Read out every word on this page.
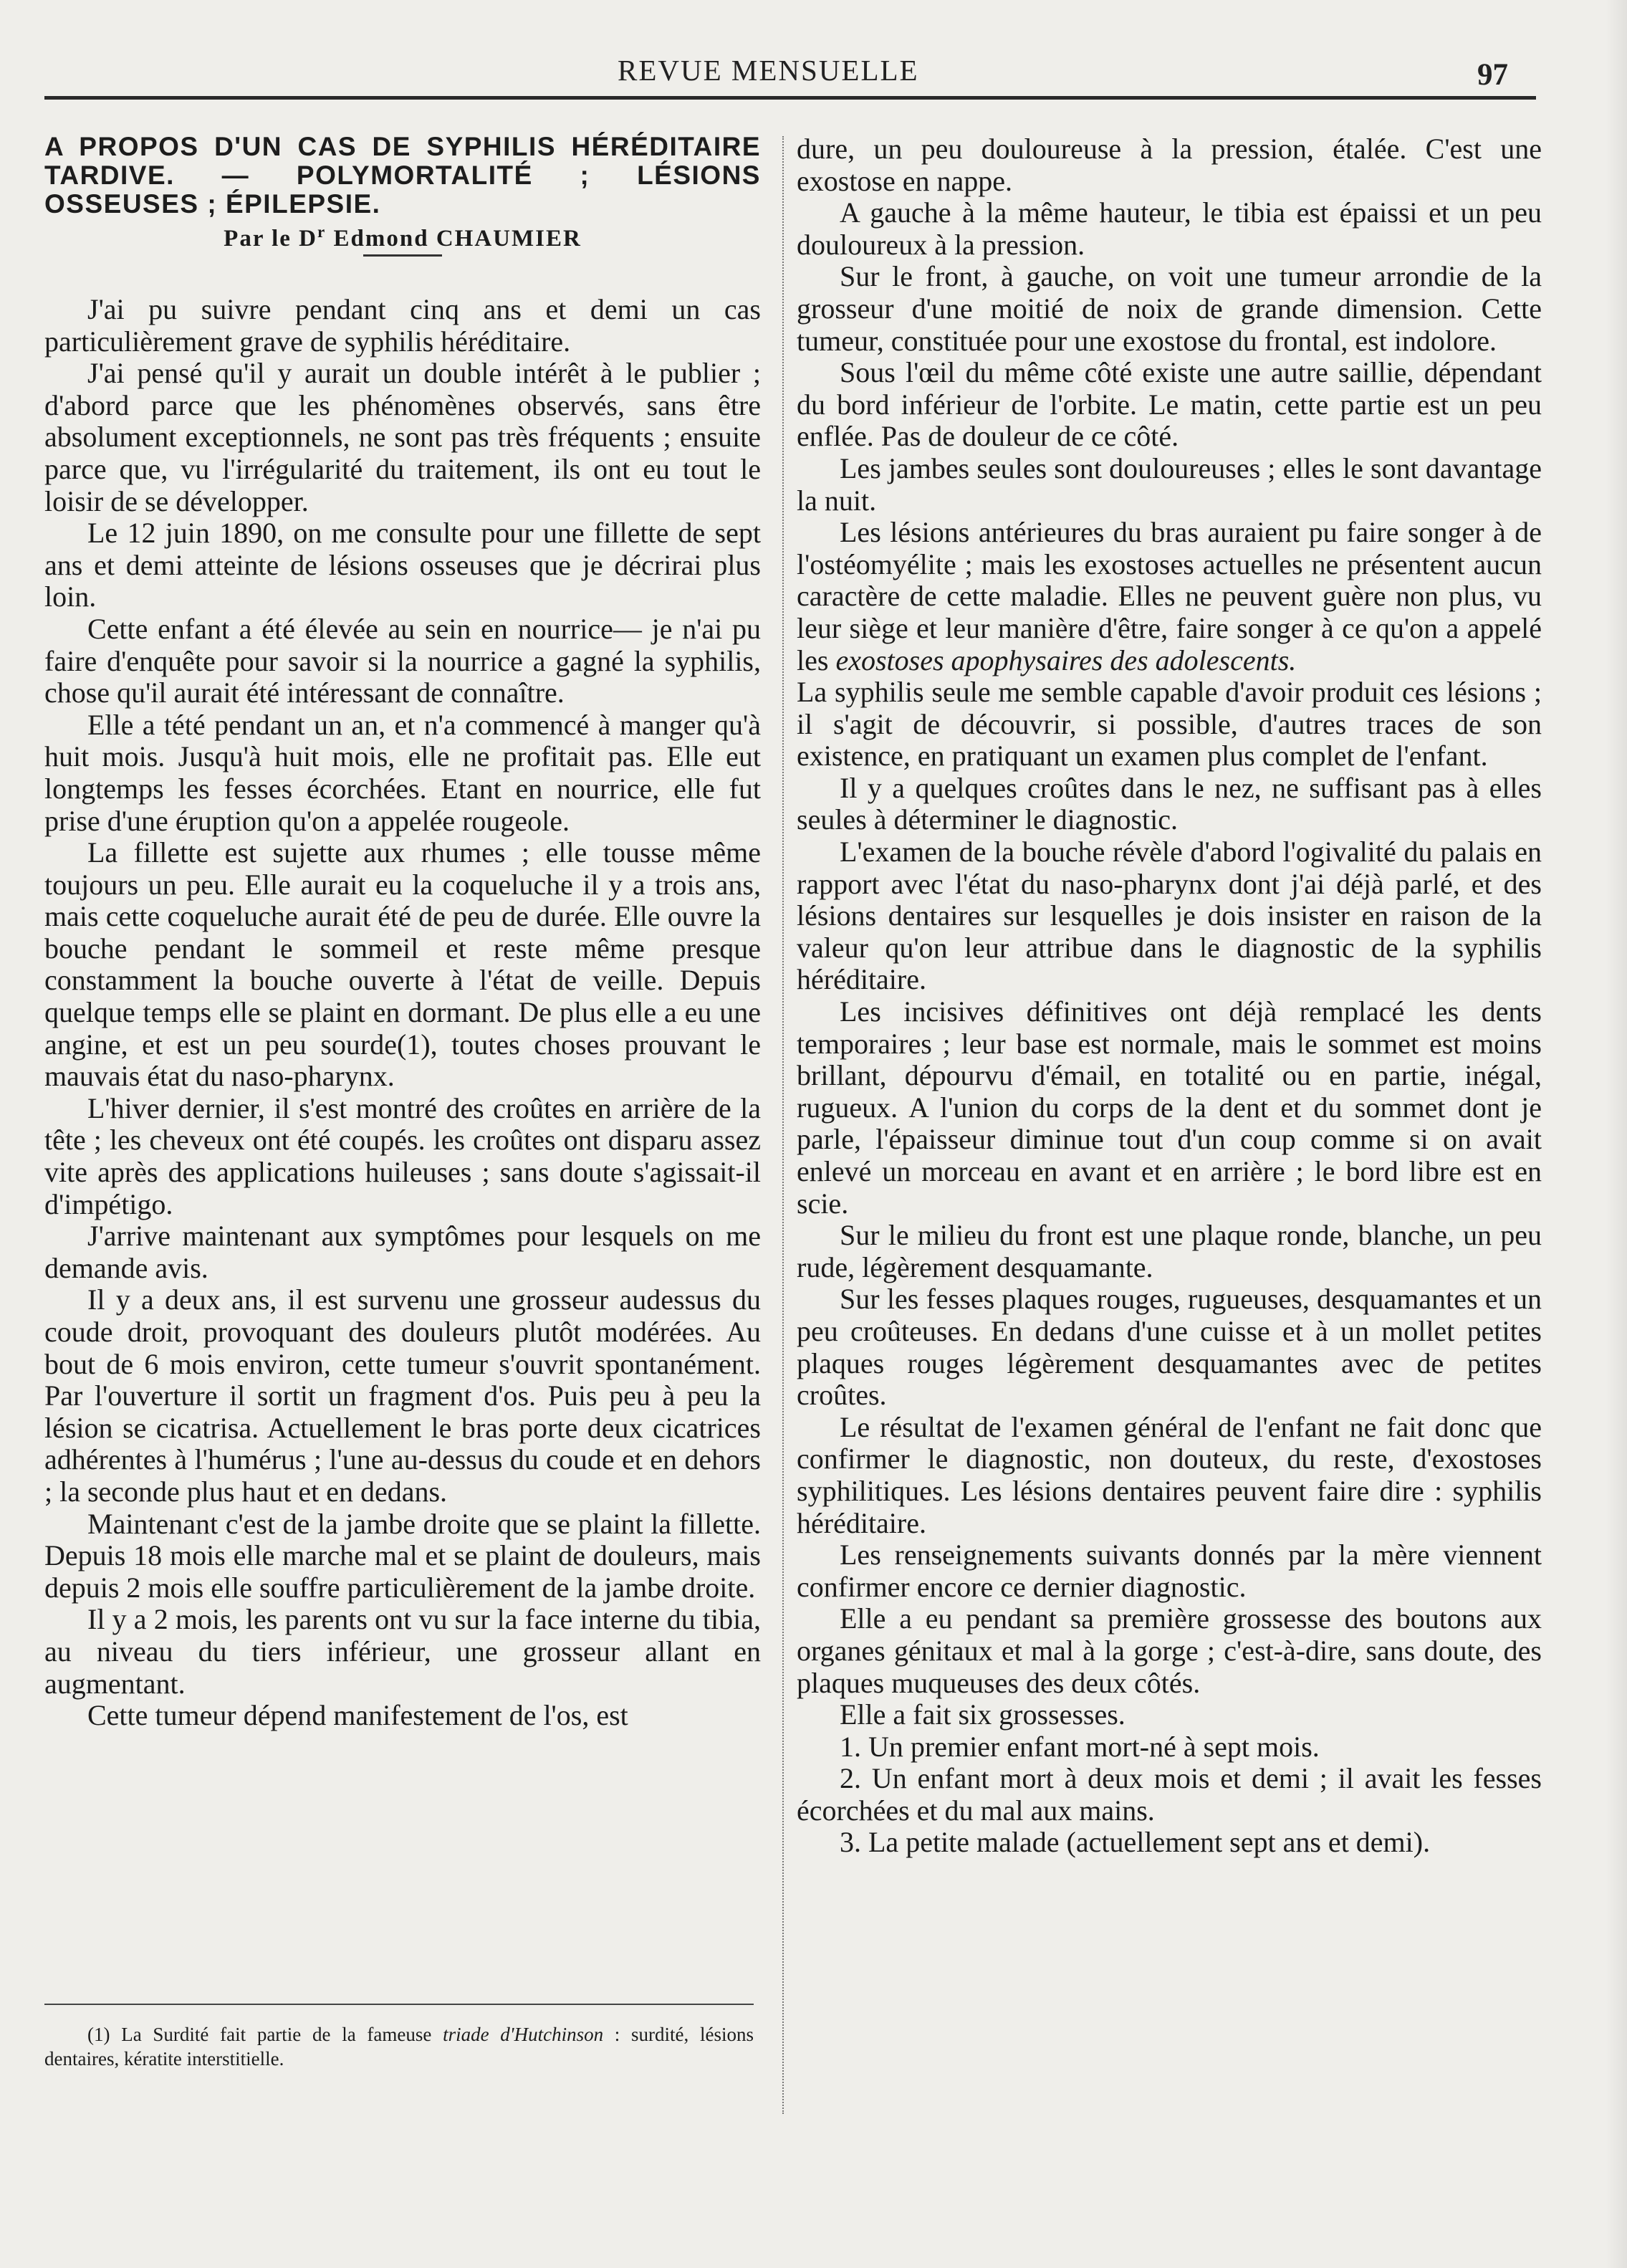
REVUE MENSUELLE	97
A PROPOS D'UN CAS DE SYPHILIS HÉRÉDITAIRE TARDIVE. — POLYMORTALITÉ ; LÉSIONS OSSEUSES ; ÉPILEPSIE.
Par le $D^r$ Edmond CHAUMIER

J'ai pu suivre pendant cinq ans et demi un cas particulièrement grave de syphilis héréditaire.

J'ai pensé qu'il y aurait un double intérêt à le publier ; d'abord parce que les phénomènes observés, sans être absolument exceptionnels, ne sont pas très fréquents ; ensuite parce que, vu l'irrégularité du traitement, ils ont eu tout le loisir de se développer.

Le 12 juin 1890, on me consulte pour une fillette de sept ans et demi atteinte de lésions osseuses que je décrirai plus loin.

Cette enfant a été élevée au sein en nourrice— je n'ai pu faire d'enquête pour savoir si la nourrice a gagné la syphilis, chose qu'il aurait été intéressant de connaître.

Elle a tété pendant un an, et n'a commencé à manger qu'à huit mois. Jusqu'à huit mois, elle ne profitait pas. Elle eut longtemps les fesses écorchées. Etant en nourrice, elle fut prise d'une éruption qu'on a appelée rougeole.

La fillette est sujette aux rhumes ; elle tousse même toujours un peu. Elle aurait eu la coqueluche il y a trois ans, mais cette coqueluche aurait été de peu de durée. Elle ouvre la bouche pendant le sommeil et reste même presque constamment la bouche ouverte à l'état de veille. Depuis quelque temps elle se plaint en dormant. De plus elle a eu une angine, et est un peu sourde(1), toutes choses prouvant le mauvais état du naso-pharynx.

L'hiver dernier, il s'est montré des croûtes en arrière de la tête ; les cheveux ont été coupés. les croûtes ont disparu assez vite après des applications huileuses ; sans doute s'agissait-il d'impétigo.

J'arrive maintenant aux symptômes pour lesquels on me demande avis.

Il y a deux ans, il est survenu une grosseur audessus du coude droit, provoquant des douleurs plutôt modérées. Au bout de 6 mois environ, cette tumeur s'ouvrit spontanément. Par l'ouverture il sortit un fragment d'os. Puis peu à peu la lésion se cicatrisa. Actuellement le bras porte deux cicatrices adhérentes à l'humérus ; l'une au-dessus du coude et en dehors ; la seconde plus haut et en dedans.

Maintenant c'est de la jambe droite que se plaint la fillette. Depuis 18 mois elle marche mal et se plaint de douleurs, mais depuis 2 mois elle souffre particulièrement de la jambe droite.

Il y a 2 mois, les parents ont vu sur la face interne du tibia, au niveau du tiers inférieur, une grosseur allant en augmentant.

Cette tumeur dépend manifestement de l'os, est

(1) La Surdité fait partie de la fameuse triade d'Hutchinson : surdité, lésions dentaires, kératite interstitielle.

dure, un peu douloureuse à la pression, étalée. C'est une exostose en nappe.

A gauche à la même hauteur, le tibia est épaissi et un peu douloureux à la pression.

Sur le front, à gauche, on voit une tumeur arrondie de la grosseur d'une moitié de noix de grande dimension. Cette tumeur, constituée pour une exostose du frontal, est indolore.

Sous l'œil du même côté existe une autre saillie, dépendant du bord inférieur de l'orbite. Le matin, cette partie est un peu enflée. Pas de douleur de ce côté.

Les jambes seules sont douloureuses ; elles le sont davantage la nuit.

Les lésions antérieures du bras auraient pu faire songer à de l'ostéomyélite ; mais les exostoses actuelles ne présentent aucun caractère de cette maladie. Elles ne peuvent guère non plus, vu leur siège et leur manière d'être, faire songer à ce qu'on a appelé les exostoses apophysaires des adolescents.

La syphilis seule me semble capable d'avoir produit ces lésions ; il s'agit de découvrir, si possible, d'autres traces de son existence, en pratiquant un examen plus complet de l'enfant.

Il y a quelques croûtes dans le nez, ne suffisant pas à elles seules à déterminer le diagnostic.

L'examen de la bouche révèle d'abord l'ogivalité du palais en rapport avec l'état du naso-pharynx dont j'ai déjà parlé, et des lésions dentaires sur lesquelles je dois insister en raison de la valeur qu'on leur attribue dans le diagnostic de la syphilis héréditaire.

Les incisives définitives ont déjà remplacé les dents temporaires ; leur base est normale, mais le sommet est moins brillant, dépourvu d'émail, en totalité ou en partie, inégal, rugueux. A l'union du corps de la dent et du sommet dont je parle, l'épaisseur diminue tout d'un coup comme si on avait enlevé un morceau en avant et en arrière ; le bord libre est en scie.

Sur le milieu du front est une plaque ronde, blanche, un peu rude, légèrement desquamante.

Sur les fesses plaques rouges, rugueuses, desquamantes et un peu croûteuses. En dedans d'une cuisse et à un mollet petites plaques rouges légèrement desquamantes avec de petites croûtes.

Le résultat de l'examen général de l'enfant ne fait donc que confirmer le diagnostic, non douteux, du reste, d'exostoses syphilitiques. Les lésions dentaires peuvent faire dire : syphilis héréditaire.

Les renseignements suivants donnés par la mère viennent confirmer encore ce dernier diagnostic.

Elle a eu pendant sa première grossesse des boutons aux organes génitaux et mal à la gorge ; c'est-à-dire, sans doute, des plaques muqueuses des deux côtés.

Elle a fait six grossesses.

1. Un premier enfant mort-né à sept mois.

2. Un enfant mort à deux mois et demi ; il avait les fesses écorchées et du mal aux mains.

3. La petite malade (actuellement sept ans et demi).
